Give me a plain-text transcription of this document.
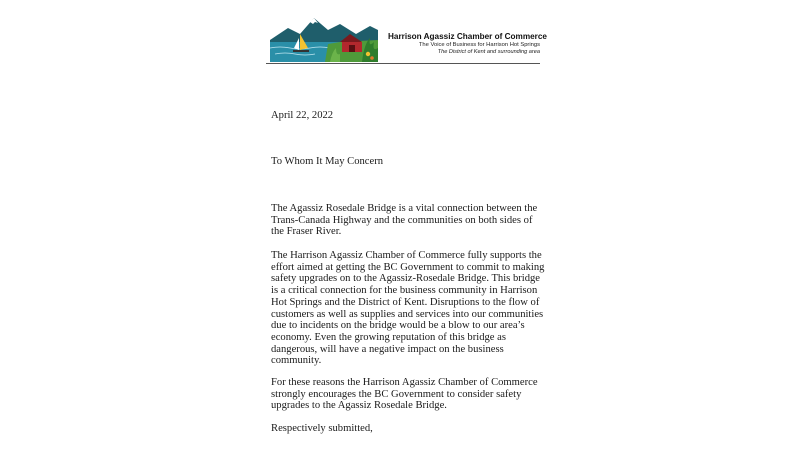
Harrison Agassiz Chamber of Commerce
The Voice of Business for Harrison Hot Springs
The District of Kent and surrounding area
April 22, 2022
To Whom It May Concern
The Agassiz Rosedale Bridge is a vital connection between the
Trans-Canada Highway and the communities on both sides of
the Fraser River.
The Harrison Agassiz Chamber of Commerce fully supports the
effort aimed at getting the BC Government to commit to making
safety upgrades on to the Agassiz-Rosedale Bridge. This bridge
is a critical connection for the business community in Harrison
Hot Springs and the District of Kent. Disruptions to the flow of
customers as well as supplies and services into our communities
due to incidents on the bridge would be a blow to our area’s
economy. Even the growing reputation of this bridge as
dangerous, will have a negative impact on the business
community.
For these reasons the Harrison Agassiz Chamber of Commerce
strongly encourages the BC Government to consider safety
upgrades to the Agassiz Rosedale Bridge.
Respectively submitted,
